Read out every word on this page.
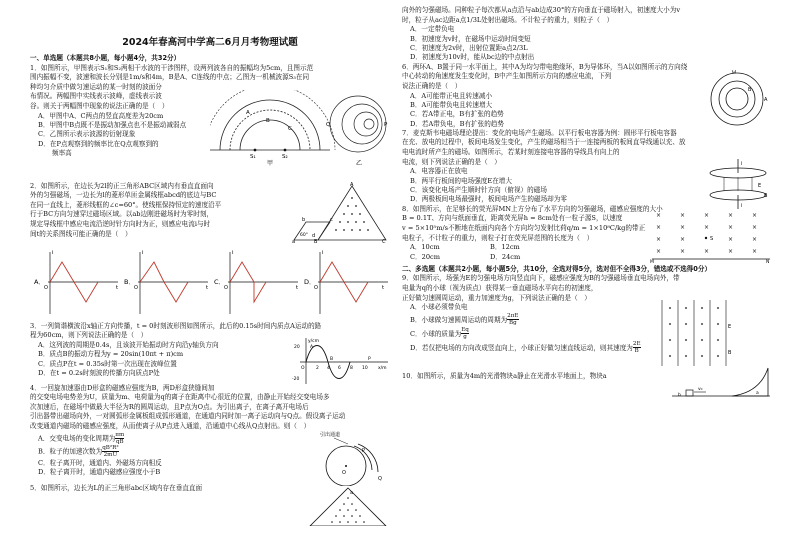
2024年春高河中学高二6月月考物理试题

一、单选题（本题共8小题，每小题4分，共32分）

1．如图所示，甲图表示S₁和S₂两相干水波的干涉图样，设两列波各自的振幅均为5cm，且图示范

围内振幅不变，波速和波长分别是1m/s和4m，B是A、C连线的中点；乙图为一机械波源S₃在同

种均匀介质中做匀速运动的某一时刻的波面分

布情况。两幅图中实线表示波峰，虚线表示波

谷。则关于两幅图中现象的说法正确的是（　）

A．甲图中A、C两点的竖直高度差为20cm

B．甲图中B点既不是振动加强点也不是振动减弱点

C．乙图所示表示波源的衍射现象

D．在P点观察到的频率比在Q点观察到的

频率高	S₁	S₂
A
B
C
甲
Q	P
乙

2．如图所示，在边长为2l的正三角形ABC区域内有垂直直面向

外的匀强磁场，一边长为l的菱形单匝金属线框abcd的底边与BC

在同一直线上，菱形线框的∠c=60°。使线框保持恒定的速度沿平

行于BC方向匀速穿过磁场区域。以ab边刚进磁场时为零时刻，

规定导线框中感应电流沿逆时针方向时为正，则感应电流i与时

间t的关系图线可能正确的是（　）

A
B	C
a
b	c
d
60°
A．
i
t
O
B．
i
t
O
C．
i
t
O
D．
i
t
O

3．一列简谐横波沿x轴正方向传播，t = 0时刻波形图如图所示，此后的0.15s时间内质点A运动的路

程为60cm，则下列说法正确的是（　）

A．这列波的周期是0.4s，且该波开始振动时方向沿y轴负方向

B．质点B的振动方程为y = 20sin(10πt + π)cm

C．质点P在t = 0.35s时第一次出现在波峰位置

D．在t = 0.2s时刻波的传播方向质点P处

y/cm
x/m
20
-20
2 4 6 8 10
A
B	P
O

4．一回旋加速器由D形盒的磁感应强度为B，两D形盒狭缝间加

的交变电场电势差为U，质量为m、电荷量为q的离子在距离中心很近的位置，由静止开始经交变电场多

次加速后，在磁场中做最大半径为R的圆周运动，且P点为O点。为引出离子，在离子离开电场后

引出器带出磁场向外，一对圆弧形金属板组成弧形通道，在通道内同时加一离子运动向与Q点。假设离子运动

改变通道内磁场的磁感应强度，从而使离子从P点进入通道，沿通道中心线从Q点射出。则（　）

A．交变电场的变化周期为 $\frac{\pi m}{qB}$

B．粒子的加速次数为 $\frac{\text{qB²R²}}{2mU}$

C．粒子离开时，通道内、外磁场方向相反

D．粒子离开时，通道内磁感应强度小于B

引出通道
O
P
Q

5．如图所示，边长为L的正三角形abc区域内存在垂直直面

a

向外的匀强磁场。同种粒子每次都从a点沿与ab边成30°的方向垂直于磁场射入，初速度大小为v

时，粒子从ac边距a点1/3L处射出磁场。不计粒子的重力，则粒子（　）

A．一定带负电

B．初速度为v时，在磁场中运动时间变短

C．初速度为2v时，出射位置距a点2/3L

D．初速度为10v时，能从bc边的中点射出

6．两环A、B置于同一水平面上，其中A为均匀带电绝缘环，B为导体环，当A以如图所示的方向绕

中心转动的角速度发生变化时，B中产生如图所示方向的感应电流，下列

说法正确的是（　）

A．A可能带正电且转速减小

B．A可能带负电且转速增大

C．若A带正电，B有扩张的趋势

D．若A带负电，B有扩张的趋势

A
B
ω

7．麦克斯韦电磁场理论提出：变化的电场产生磁场。以平行板电容器为例：圆形平行板电容器

在充、放电的过程中，板间电场发生变化，产生的磁场相当于一连接两板的板间直导线通以充、放

电电流时所产生的磁场。如图所示，若某时刻连接电容器的导线具有向上的

电流，则下列说法正确的是（　）

A．电容器正在放电

B．两平行板间的电场强度E在增大

C．该变化电场产生顺时针方向（俯视）的磁场

D．两极板间电场最强时，板间电场产生的磁场却为零

E
B
i
i

8．如图所示，在足够长的荧光屏MN上方分布了水平方向的匀强磁场，磁感应强度的大小

B = 0.1T、方向与纸面垂直，距离荧光屏h = 8cm处有一粒子源S，以速度

v = 5×10⁵m/s不断地在纸面内向各个方向均匀发射比荷q/m = 1×10⁸C/kg的带正

电粒子，不计粒子的重力，则粒子打在荧光屏范围的长度为（　）

A．10cm	B．12cm

C．20cm	D．24cm

×	×	×	×	×
×	×	×	×	×
×	×	×	×
×	×	×	×	×
S
M	N

二、多选题（本题共2小题，每小题5分，共10分，全选对得5分，选对但不全得3分，错选或不选得0分）

9．如图所示，场强为E的匀强电场方向竖直向下，磁感应强度为B的匀强磁场垂直电场向外，带

电量为q的小球（视为质点）获得某一垂直磁场水平向右的初速度，

正好做匀速圆周运动，重力加速度为g，下列说法正确的是（　）

A．小球必须带负电

B．小球做匀速圆周运动的周期为 $\frac{2\pi E}{Bg}$

C．小球的质量为 $\frac{Eq}{g}$

D．若仅把电场的方向改成竖直向上，小球正好做匀速直线运动，则其速度为 $\frac{2E}{B}$

E
B

10．如图所示，质量为4m的光滑物块a静止在光滑水平地面上，物块a

b
v₀
a
